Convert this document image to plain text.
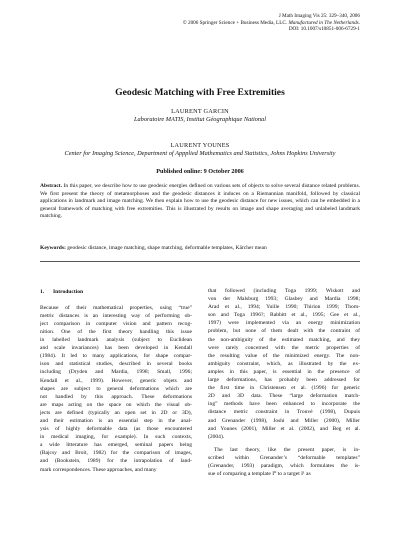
J Math Imaging Vis 25: 329–340, 2006
© 2006 Springer Science + Business Media, LLC. Manufactured in The Netherlands.
DOI: 10.1007/s10851-006-6729-1
Geodesic Matching with Free Extremities
LAURENT GARCIN
Laboratoire MATIS, Institut Géographique National
LAURENT YOUNES
Center for Imaging Science, Department of Appplied Mathematics and Statistics, Johns Hopkins University
Published online: 9 October 2006
Abstract. In this paper, we describe how to use geodesic energies defined on various sets of objects to solve several distance related problems. We first present the theory of metamorphoses and the geodesic distances it induces on a Riemannian manifold, followed by classical applications in landmark and image matching. We then explain how to use the geodesic distance for new issues, which can be embedded in a general framework of matching with free extremities. This is illustrated by results on image and shape averaging and unlabeled landmark matching.
Keywords: geodesic distance, image matching, shape matching, deformable templates, Kärcher mean
1. Introduction
Because of their mathematical properties, using “true”
metric distances is an interesting way of performing ob-
ject comparison in computer vision and pattern recog-
nition. One of the first theory handling this issue
in labelled landmark analysis (subject to Euclidean
and scale invariances) has been developed in Kendall
(1984). It led to many applications, for shape compar-
ison and statistical studies, described in several books
including (Dryden and Mardia, 1998; Small, 1996;
Kendall et al., 1999). However, generic objets and
shapes are subject to general deformations which are
not handled by this approach. These deformations
are maps acting on the space on which the visual ob-
jects are defined (typically an open set in 2D or 3D),
and their estimation is an essential step in the anal-
ysis of highly deformable data (as those encountered
in medical imaging, for example). In such contexts,
a wide litterature has emerged, seminal papers being
(Bajcsy and Broit, 1982) for the comparison of images,
and (Bookstein, 1989) for the intrapolation of land-
mark correspondences. These approaches, and many
that followed (including Toga 1999; Wiskott and
von der Malsburg 1993; Glasbey and Mardia 1998;
Arad et al., 1994; Yuille 1990; Thirion 1999; Thom-
son and Toga 1996?; Rabbitt et al., 1995; Gee et al.,
1997) were implemented via an energy minimization
problem, but none of them dealt with the contraint of
the non-ambiguity of the estimated matching, and they
were rarely concerned with the metric properties of
the resulting value of the minimized energy. The non-
ambiguity constraint, which, as illustrated by the ex-
amples in this paper, is essential in the presence of
large deformations, has probably been addressed for
the first time in Christensen et al. (1996) for generic
2D and 3D data. These “large deformation match-
ing” methods have been enhanced to incorporate the
distance metric constraint in Trouvé (1998), Dupuis
and Grenander (1998), Joshi and Miller (2000), Miller
and Younes (2001), Miller et al. (2002), and Beg et al.
(2004).
The last theory, like the present paper, is in-
scribed within Grenander’s “deformable templates”
(Grenander, 1993) paradigm, which formulates the is-
sue of comparing a template I⁰ to a target I¹ as
